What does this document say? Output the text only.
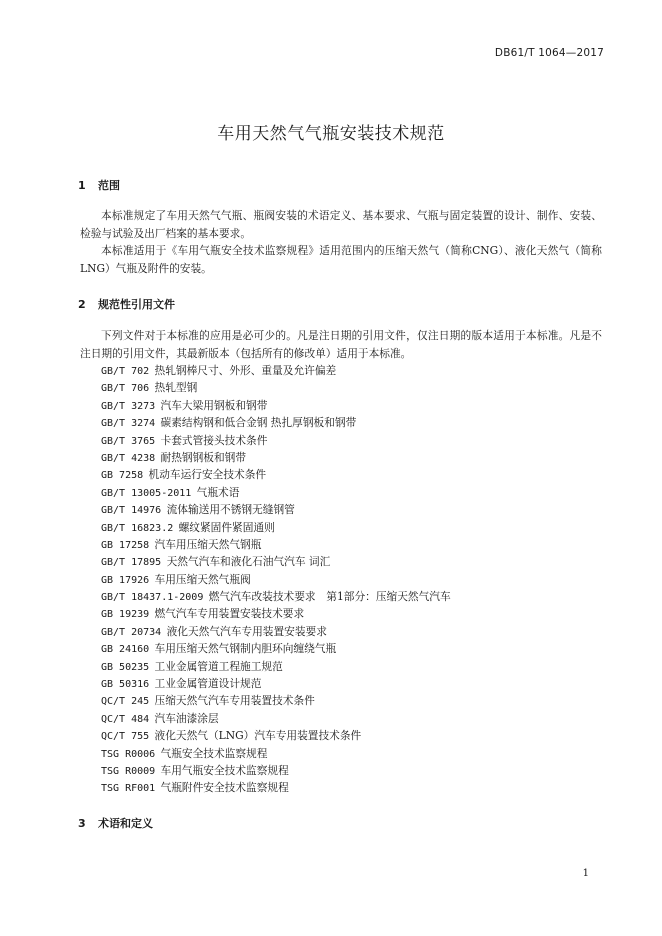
DB61/T 1064—2017
车用天然气气瓶安装技术规范
1 范围
本标准规定了车用天然气气瓶、瓶阀安装的术语定义、基本要求、气瓶与固定装置的设计、制作、安装、检验与试验及出厂档案的基本要求。
本标准适用于《车用气瓶安全技术监察规程》适用范围内的压缩天然气（简称CNG）、液化天然气（简称LNG）气瓶及附件的安装。
2 规范性引用文件
下列文件对于本标准的应用是必可少的。凡是注日期的引用文件，仅注日期的版本适用于本标准。凡是不注日期的引用文件，其最新版本（包括所有的修改单）适用于本标准。
GB/T 702  热轧钢棒尺寸、外形、重量及允许偏差
GB/T 706  热轧型钢
GB/T 3273  汽车大梁用钢板和钢带
GB/T 3274  碳素结构钢和低合金钢 热扎厚钢板和钢带
GB/T 3765  卡套式管接头技术条件
GB/T 4238  耐热钢钢板和钢带
GB 7258  机动车运行安全技术条件
GB/T 13005-2011  气瓶术语
GB/T 14976  流体输送用不锈钢无缝钢管
GB/T 16823.2  螺纹紧固件紧固通则
GB 17258  汽车用压缩天然气钢瓶
GB/T 17895  天然气汽车和液化石油气汽车 词汇
GB 17926  车用压缩天然气瓶阀
GB/T 18437.1-2009  燃气汽车改装技术要求　第1部分：压缩天然气汽车
GB 19239  燃气汽车专用装置安装技术要求
GB/T 20734  液化天然气汽车专用装置安装要求
GB 24160  车用压缩天然气钢制内胆环向缠绕气瓶
GB 50235  工业金属管道工程施工规范
GB 50316  工业金属管道设计规范
QC/T 245  压缩天然气汽车专用装置技术条件
QC/T 484  汽车油漆涂层
QC/T 755  液化天然气（LNG）汽车专用装置技术条件
TSG R0006  气瓶安全技术监察规程
TSG R0009  车用气瓶安全技术监察规程
TSG RF001  气瓶附件安全技术监察规程
3 术语和定义
1
